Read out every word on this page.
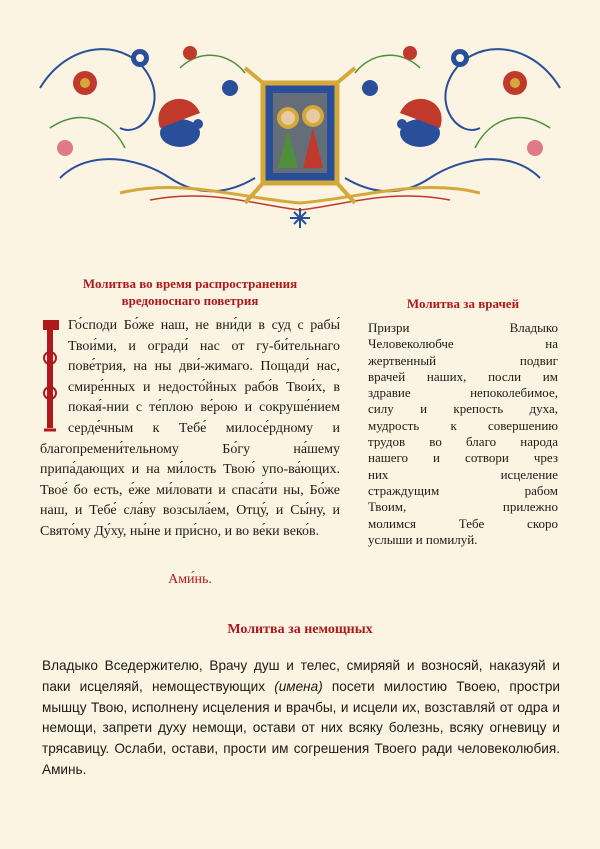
Молитва во время распространения
вредоноснаго поветрия
Го́споди Бо́же наш, не вни́ди в суд с рабы́ Твои́ми, и огради́ нас от гу-би́тельнаго пове́трия, на ны дви́-жимаго. Пощади́ нас, смире́нных и недосто́йных рабо́в Твои́х, в покая́-нии с те́плою ве́рою и сокруше́нием серде́чным к Тебе́ милосе́рдному и благопремени́тельному Бо́гу на́шему припа́дающих и на ми́лость Твою́ упо-ва́ющих. Твое́ бо есть, е́же ми́ловати и спаса́ти ны, Бо́же наш, и Тебе́ сла́ву возсыла́ем, Отцу́, и Сы́ну, и Свято́му Ду́ху, ны́не и при́сно, и во ве́ки веко́в.
Ами́нь.
Молитва за врачей

Призри Владыко

Человеколюбче на

жертвенный подвиг

врачей наших, посли им

здравие непоколебимое,

силу и крепость духа,

мудрость к совершению

трудов во благо народа

нашего и сотвори чрез

них исцеление

страждущим рабом

Твоим, прилежно

молимся Тебе скоро

услыши и помилуй.

Молитва за немощных
Владыко Вседержителю, Врачу душ и телес, смиряяй и возносяй, наказуяй и паки исцеляяй, немоществующих (имена) посети милостию Твоею, простри мышцу Твою, исполнену исцеления и врачбы, и исцели их, возставляй от одра и немощи, запрети духу немощи, остави от них всяку болезнь, всяку огневицу и трясавицу. Ослаби, остави, прости им согрешения Твоего ради человеколюбия. Аминь.
